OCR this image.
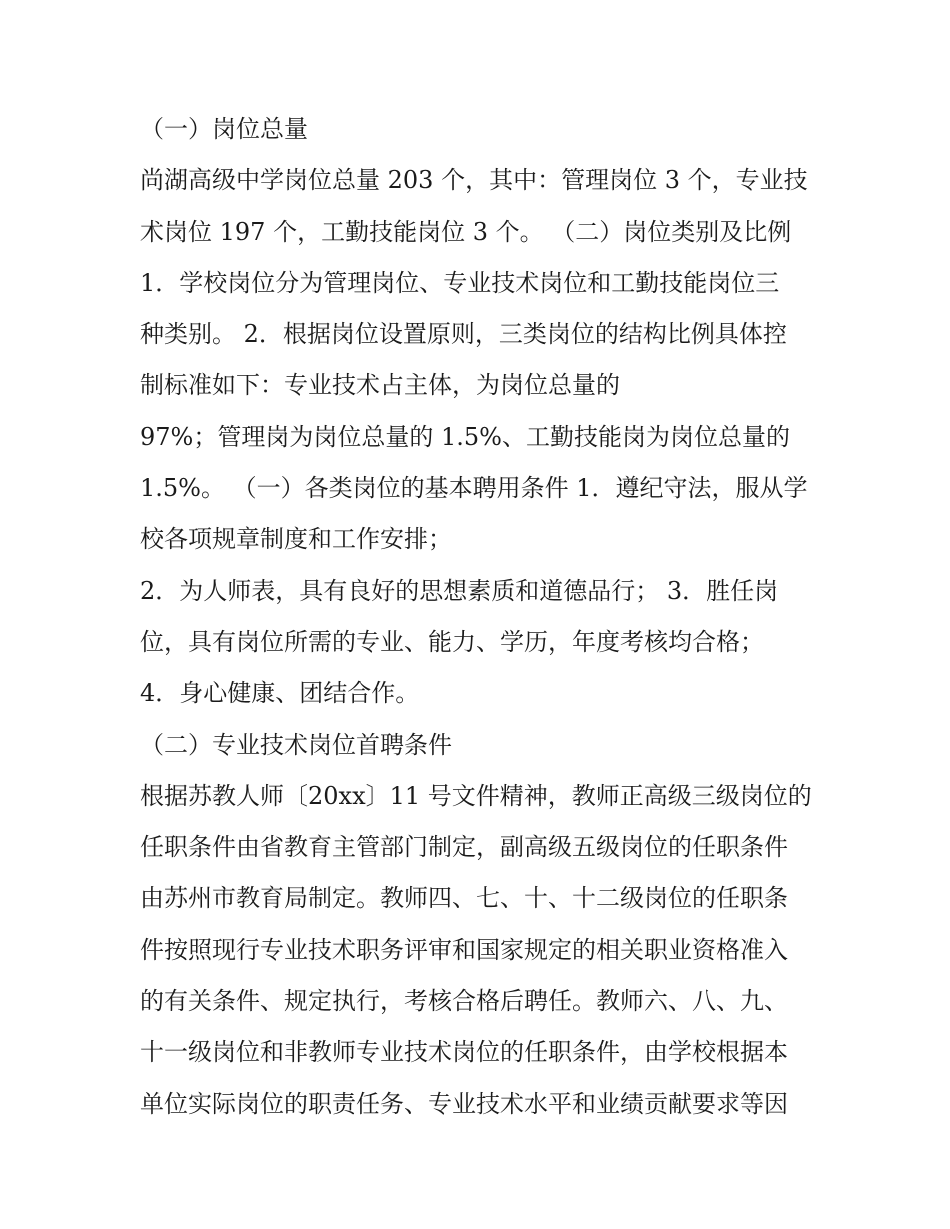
（一）岗位总量
尚湖高级中学岗位总量 203 个，其中：管理岗位 3 个，专业技
术岗位 197 个，工勤技能岗位 3 个。 （二）岗位类别及比例
1．学校岗位分为管理岗位、专业技术岗位和工勤技能岗位三
种类别。 2．根据岗位设置原则，三类岗位的结构比例具体控
制标准如下：专业技术占主体，为岗位总量的
97%；管理岗为岗位总量的 1.5%、工勤技能岗为岗位总量的
1.5%。 （一）各类岗位的基本聘用条件 1．遵纪守法，服从学
校各项规章制度和工作安排；
2．为人师表，具有良好的思想素质和道德品行； 3．胜任岗
位，具有岗位所需的专业、能力、学历，年度考核均合格；
4．身心健康、团结合作。
（二）专业技术岗位首聘条件
根据苏教人师〔20xx〕11 号文件精神，教师正高级三级岗位的
任职条件由省教育主管部门制定，副高级五级岗位的任职条件
由苏州市教育局制定。教师四、七、十、十二级岗位的任职条
件按照现行专业技术职务评审和国家规定的相关职业资格准入
的有关条件、规定执行，考核合格后聘任。教师六、八、九、
十一级岗位和非教师专业技术岗位的任职条件，由学校根据本
单位实际岗位的职责任务、专业技术水平和业绩贡献要求等因
